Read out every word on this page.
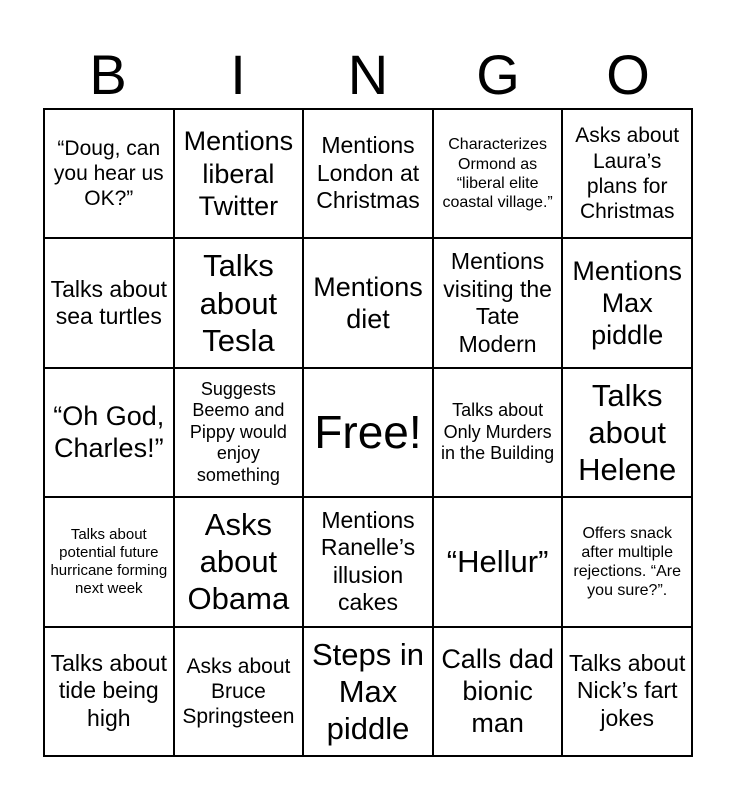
B	I	N	G	O
“Doug, can you hear us OK?”
Mentions liberal Twitter
Mentions London at Christmas
Characterizes Ormond as “liberal elite coastal village.”
Asks about Laura’s plans for Christmas
Talks about sea turtles
Talks about Tesla
Mentions diet
Mentions visiting the Tate Modern
Mentions Max piddle
“Oh God, Charles!”
Suggests Beemo and Pippy would enjoy something
Free!	Talks about Only Murders in the Building
Talks about Helene
Talks about potential future hurricane forming next week
Asks about Obama
Mentions Ranelle’s illusion cakes
“Hellur”
Offers snack after multiple rejections. “Are you sure?”.
Talks about tide being high
Asks about Bruce Springsteen
Steps in Max piddle
Calls dad bionic man
Talks about Nick’s fart jokes
